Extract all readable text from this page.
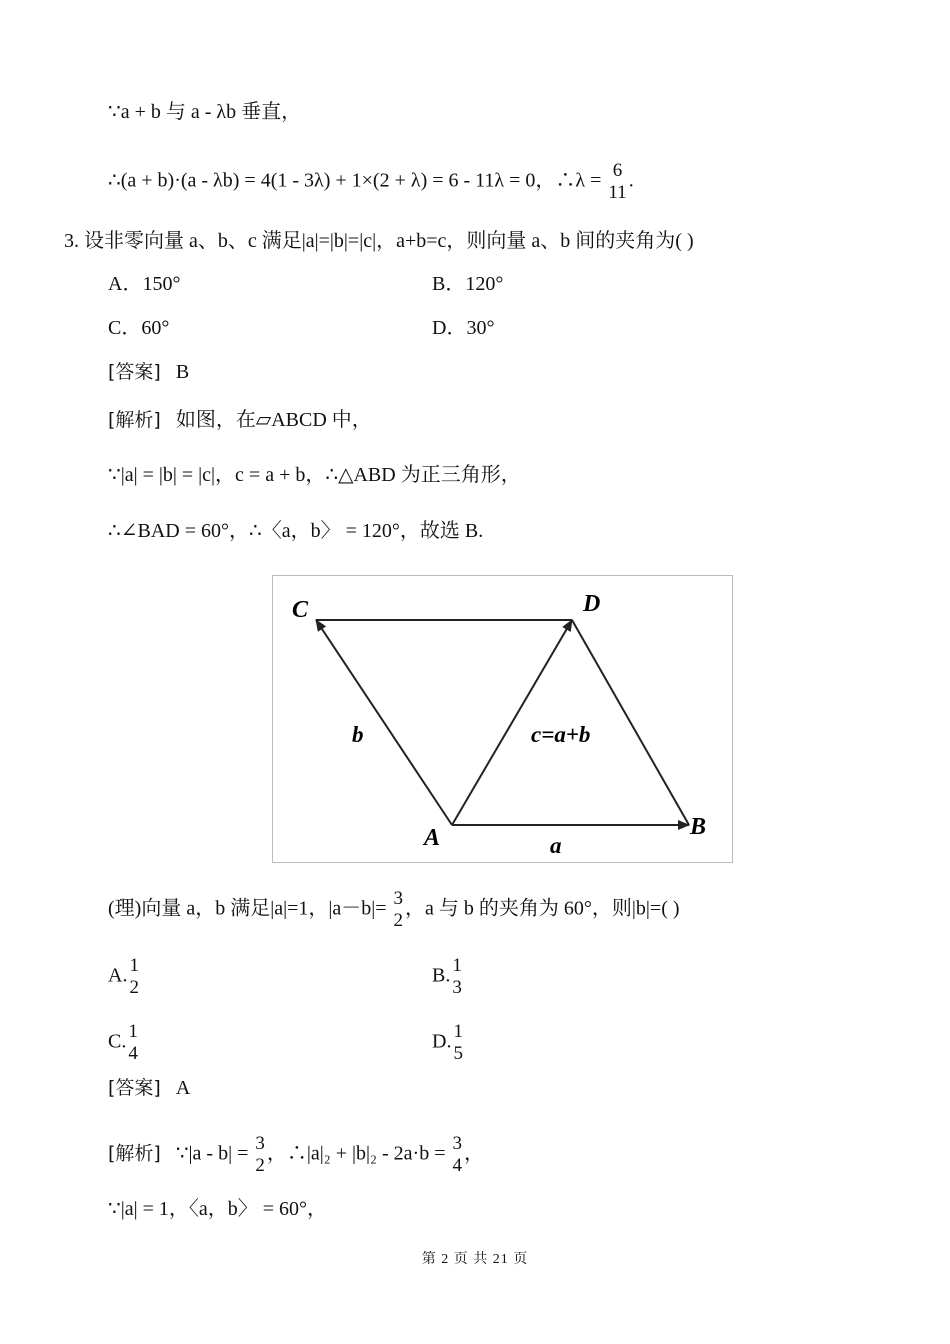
∵a + b 与 a - λb 垂直，
∴(a + b)·(a - λb) = 4(1 - 3λ) + 1×(2 + λ) = 6 - 11λ = 0，∴λ = 6
11
.
3. 设非零向量 a、b、c 满足|a|=|b|=|c|，a+b=c，则向量 a、b 间的夹角为( )
A．150°	B．120°
C．60°	D．30°
[答案] B
[解析] 如图，在▱ABCD 中，
∵|a| = |b| = |c|，c = a + b，∴△ABD 为正三角形，
∴∠BAD = 60°，∴〈a，b〉 = 120°，故选 B.
C	D
B
A
b	c=a+b
a
(理)向量 a，b 满足|a|=1，|a－b|= 3
2
，a 与 b 的夹角为 60°，则|b|=( )
A. 1
2
B. 1
3
C. 1
4
D. 1
5
[答案] A
[解析] ∵|a - b| = 3
2
，∴|a|₂ + |b|₂ - 2a·b = 3
4
，
∵|a| = 1，〈a，b〉 = 60°，
第 2 页 共 21 页
